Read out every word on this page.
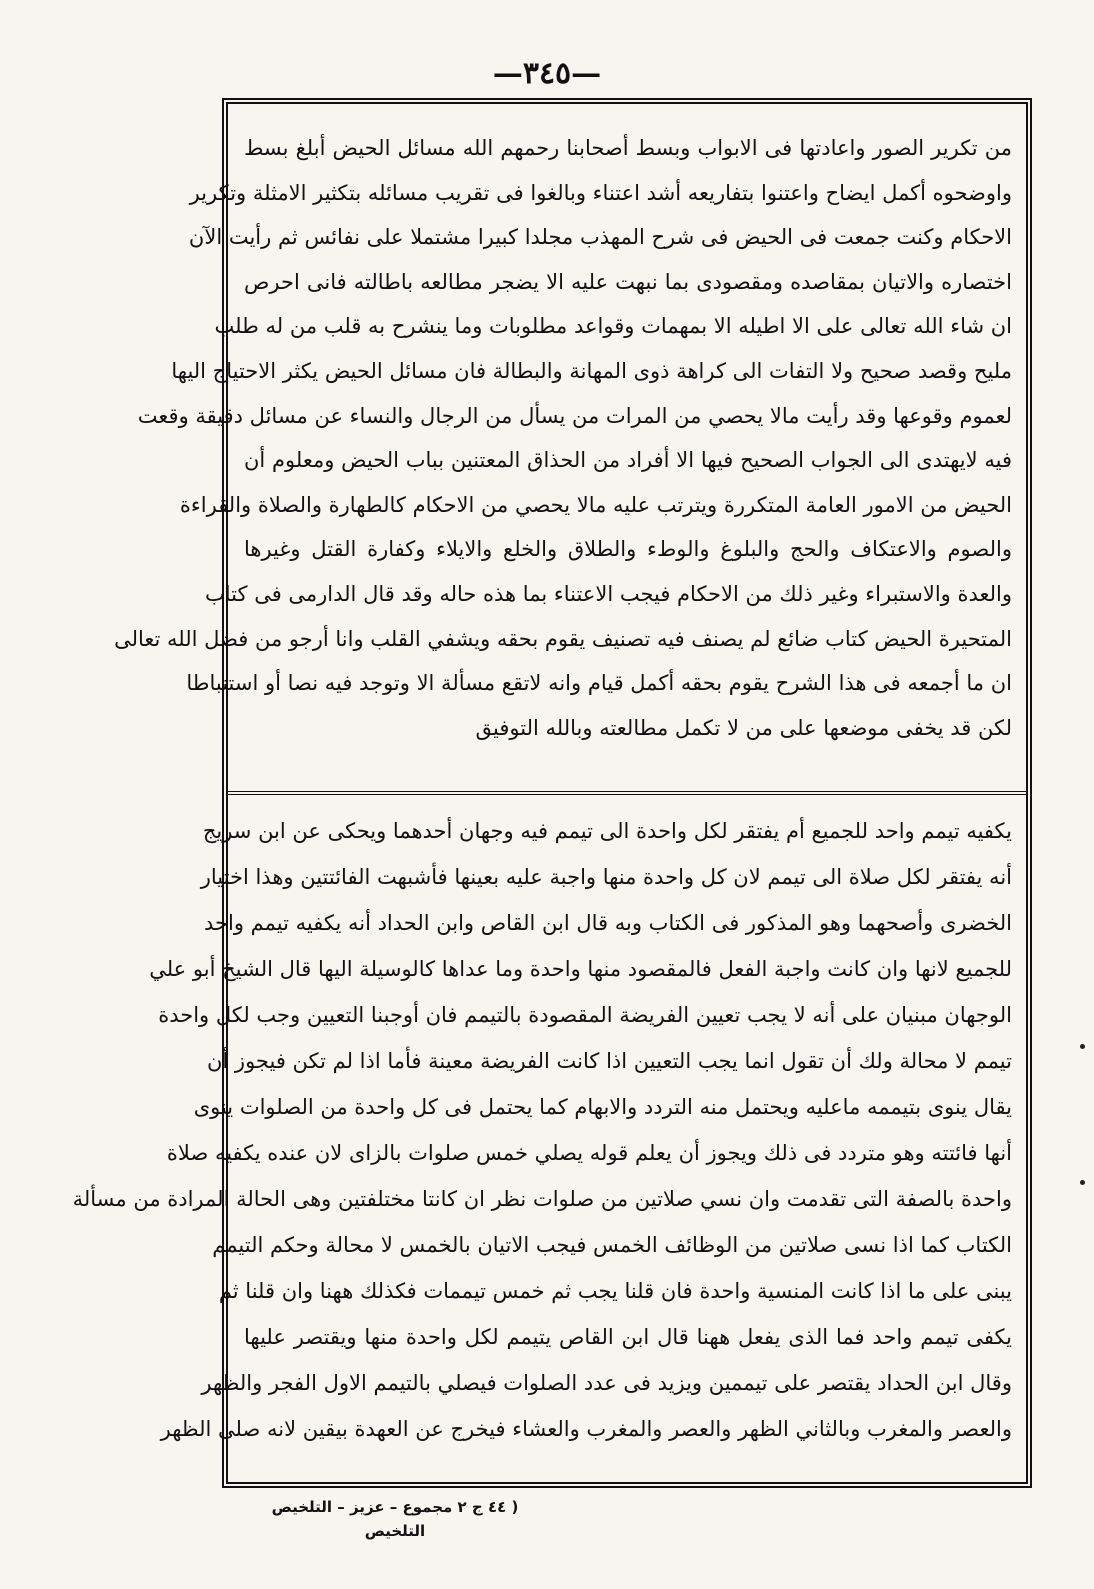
—٣٤٥—
من تكرير الصور واعادتها فى الابواب وبسط أصحابنا رحمهم الله مسائل الحيض أبلغ بسط
واوضحوه أكمل ايضاح واعتنوا بتفاريعه أشد اعتناء وبالغوا فى تقريب مسائله بتكثير الامثلة وتكرير
الاحكام وكنت جمعت فى الحيض فى شرح المهذب مجلدا كبيرا مشتملا على نفائس ثم رأيت الآن
اختصاره والاتيان بمقاصده ومقصودى بما نبهت عليه الا يضجر مطالعه باطالته فانى احرص
ان شاء الله تعالى على الا اطيله الا بمهمات وقواعد مطلوبات وما ينشرح به قلب من له طلب
مليح وقصد صحيح ولا التفات الى كراهة ذوى المهانة والبطالة فان مسائل الحيض يكثر الاحتياج اليها
لعموم وقوعها وقد رأيت مالا يحصي من المرات من يسأل من الرجال والنساء عن مسائل دقيقة وقعت
فيه لايهتدى الى الجواب الصحيح فيها الا أفراد من الحذاق المعتنين بباب الحيض ومعلوم أن
الحيض من الامور العامة المتكررة ويترتب عليه مالا يحصي من الاحكام كالطهارة والصلاة والقراءة
والصوم والاعتكاف والحج والبلوغ والوطء والطلاق والخلع والايلاء وكفارة القتل وغيرها
والعدة والاستبراء وغير ذلك من الاحكام فيجب الاعتناء بما هذه حاله وقد قال الدارمى فى كتاب
المتحيرة الحيض كتاب ضائع لم يصنف فيه تصنيف يقوم بحقه ويشفي القلب وانا أرجو من فضل الله تعالى
ان ما أجمعه فى هذا الشرح يقوم بحقه أكمل قيام وانه لاتقع مسألة الا وتوجد فيه نصا أو استنباطا
لكن قد يخفى موضعها على من لا تكمل مطالعته وبالله التوفيق
يكفيه تيمم واحد للجميع أم يفتقر لكل واحدة الى تيمم فيه وجهان أحدهما ويحكى عن ابن سريج
أنه يفتقر لكل صلاة الى تيمم لان كل واحدة منها واجبة عليه بعينها فأشبهت الفائتتين وهذا اختيار
الخضرى وأصحهما وهو المذكور فى الكتاب وبه قال ابن القاص وابن الحداد أنه يكفيه تيمم واحد
للجميع لانها وان كانت واجبة الفعل فالمقصود منها واحدة وما عداها كالوسيلة اليها قال الشيخ أبو علي
الوجهان مبنيان على أنه لا يجب تعيين الفريضة المقصودة بالتيمم فان أوجبنا التعيين وجب لكل واحدة
تيمم لا محالة ولك أن تقول انما يجب التعيين اذا كانت الفريضة معينة فأما اذا لم تكن فيجوز أن
يقال ينوى بتيممه ماعليه ويحتمل منه التردد والابهام كما يحتمل فى كل واحدة من الصلوات ينوى
أنها فائتته وهو متردد فى ذلك ويجوز أن يعلم قوله يصلي خمس صلوات بالزاى لان عنده يكفيه صلاة
واحدة بالصفة التى تقدمت وان نسي صلاتين من صلوات نظر ان كانتا مختلفتين وهى الحالة المرادة من مسألة
الكتاب كما اذا نسى صلاتين من الوظائف الخمس فيجب الاتيان بالخمس لا محالة وحكم التيمم
يبنى على ما اذا كانت المنسية واحدة فان قلنا يجب ثم خمس تيممات فكذلك ههنا وان قلنا ثم
يكفى تيمم واحد فما الذى يفعل ههنا قال ابن القاص يتيمم لكل واحدة منها ويقتصر عليها
وقال ابن الحداد يقتصر على تيممين ويزيد فى عدد الصلوات فيصلي بالتيمم الاول الفجر والظهر
والعصر والمغرب وبالثاني الظهر والعصر والمغرب والعشاء فيخرج عن العهدة بيقين لانه صلى الظهر
( ٤٤ ج ٢ مجموع – عزيز – التلخيص
التلخيص
